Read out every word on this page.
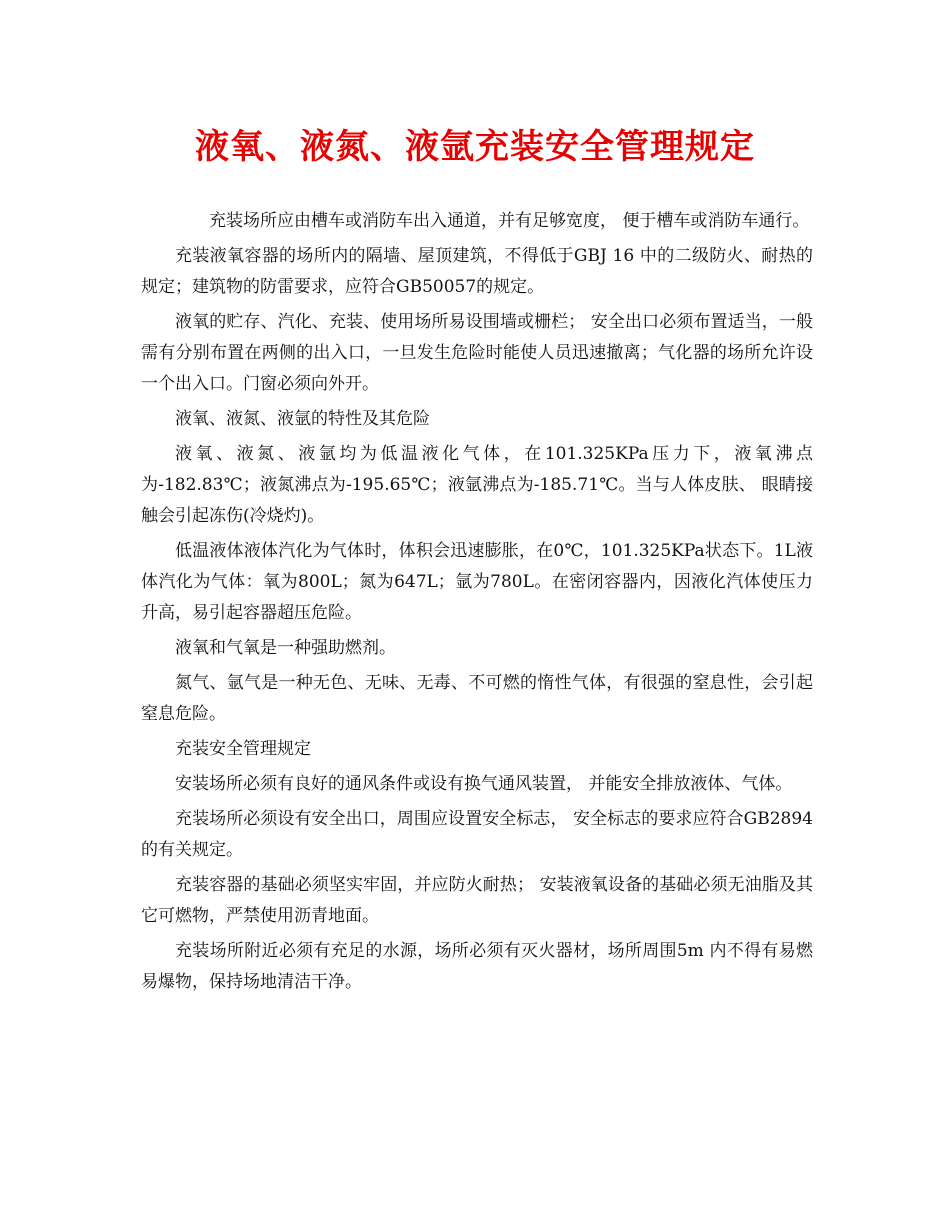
液氧、液氮、液氩充装安全管理规定

充装场所应由槽车或消防车出入通道，并有足够宽度， 便于槽车或消防车通行。

充装液氧容器的场所内的隔墙、屋顶建筑，不得低于GBJ 16 中的二级防火、耐热的规定；建筑物的防雷要求，应符合GB50057的规定。

液氧的贮存、汽化、充装、使用场所易设围墙或栅栏； 安全出口必须布置适当，一般需有分别布置在两侧的出入口，一旦发生危险时能使人员迅速撤离；气化器的场所允许设一个出入口。门窗必须向外开。

液氧、液氮、液氩的特性及其危险

液氧、液氮、液氩均为低温液化气体，在101.325KPa压力下，液氧沸点为-182.83℃；液氮沸点为-195.65℃；液氩沸点为-185.71℃。当与人体皮肤、 眼睛接触会引起冻伤(冷烧灼)。

低温液体液体汽化为气体时，体积会迅速膨胀，在0℃，101.325KPa状态下。1L液体汽化为气体：氧为800L；氮为647L；氩为780L。在密闭容器内，因液化汽体使压力升高，易引起容器超压危险。

液氧和气氧是一种强助燃剂。

氮气、氩气是一种无色、无味、无毒、不可燃的惰性气体，有很强的窒息性，会引起窒息危险。

充装安全管理规定

安装场所必须有良好的通风条件或设有换气通风装置， 并能安全排放液体、气体。

充装场所必须设有安全出口，周围应设置安全标志， 安全标志的要求应符合GB2894的有关规定。

充装容器的基础必须坚实牢固，并应防火耐热； 安装液氧设备的基础必须无油脂及其它可燃物，严禁使用沥青地面。

充装场所附近必须有充足的水源，场所必须有灭火器材，场所周围5m 内不得有易燃易爆物，保持场地清洁干净。
